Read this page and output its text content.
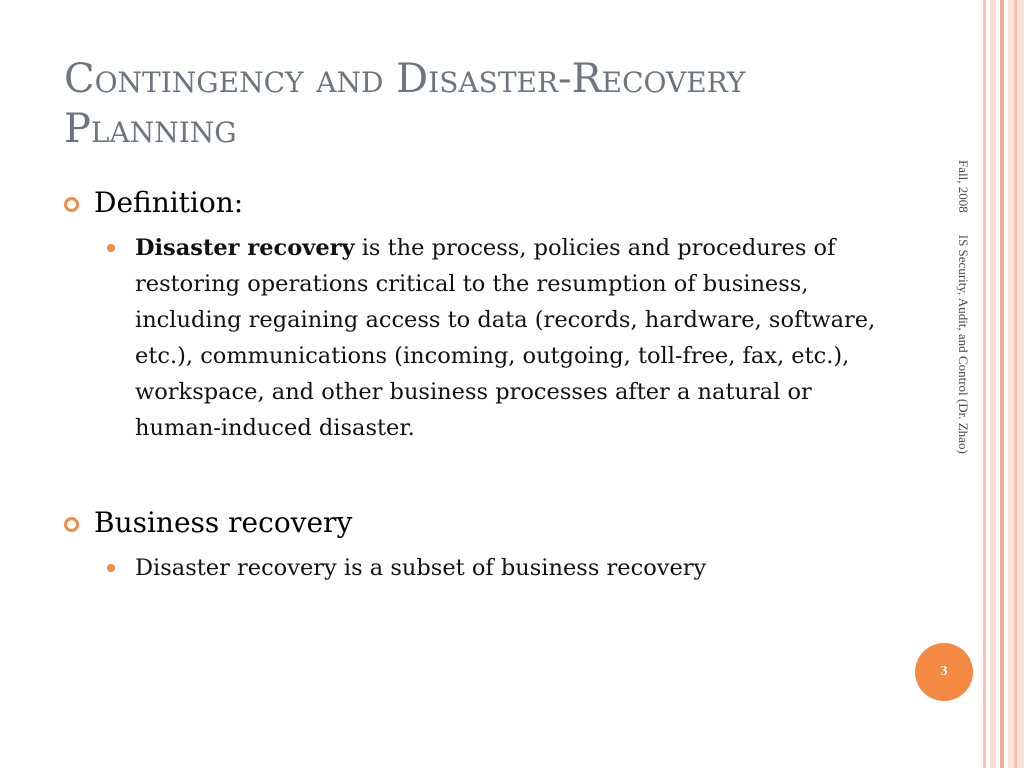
Contingency and Disaster-Recovery Planning
Definition:
Disaster recovery is the process, policies and procedures of restoring operations critical to the resumption of business, including regaining access to data (records, hardware, software, etc.), communications (incoming, outgoing, toll-free, fax, etc.), workspace, and other business processes after a natural or human-induced disaster.
Business recovery
Disaster recovery is a subset of business recovery
Fall, 2008IS Security, Audit, and Control (Dr. Zhao)
3
